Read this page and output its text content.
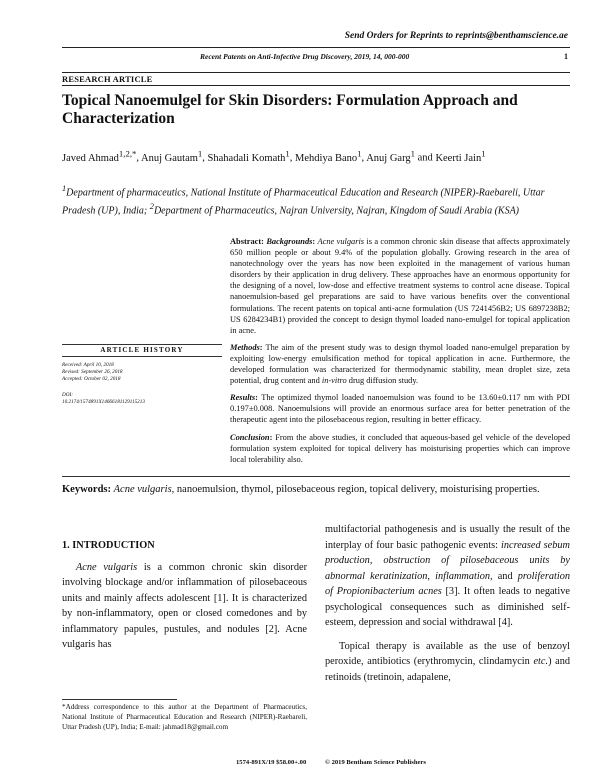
Send Orders for Reprints to reprints@benthamscience.ae
Recent Patents on Anti-Infective Drug Discovery, 2019, 14, 000-000	1
RESEARCH ARTICLE
Topical Nanoemulgel for Skin Disorders: Formulation Approach and Characterization
Javed Ahmad$^{1,2,*}$, Anuj Gautam$^1$, Shahadali Komath$^1$, Mehdiya Bano$^1$, Anuj Garg$^1$ and Keerti Jain$^1$
$^1$Department of pharmaceutics, National Institute of Pharmaceutical Education and Research (NIPER)-Raebareli, Uttar Pradesh (UP), India; $^2$Department of Pharmaceutics, Najran University, Najran, Kingdom of Saudi Arabia (KSA)

Abstract: Backgrounds: Acne vulgaris is a common chronic skin disease that affects approximately 650 million people or about 9.4% of the population globally. Growing research in the area of nanotechnology over the years has now been exploited in the management of various human disorders by their application in drug delivery. These approaches have an enormous opportunity for the designing of a novel, low-dose and effective treatment systems to control acne disease. Topical nanoemulsion-based gel preparations are said to have various benefits over the conventional formulations. The recent patents on topical anti-acne formulation (US 7241456B2; US 6897238B2; US 6284234B1) provided the concept to design thymol loaded nano-emulgel for topical application in acne.

Methods: The aim of the present study was to design thymol loaded nano-emulgel preparation by exploiting low-energy emulsification method for topical application in acne. Furthermore, the developed formulation was characterized for thermodynamic stability, mean droplet size, zeta potential, drug content and in-vitro drug diffusion study.

Results: The optimized thymol loaded nanoemulsion was found to be 13.60±0.117 nm with PDI 0.197±0.008. Nanoemulsions will provide an enormous surface area for better penetration of the therapeutic agent into the pilosebaceous region, resulting in better efficacy.

Conclusion: From the above studies, it concluded that aqueous-based gel vehicle of the developed formulation system exploited for topical delivery has moisturising properties which can improve local tolerability also.

ARTICLE HISTORY
Received: April 10, 2018
Revised: September 26, 2018
Accepted: October 02, 2018
DOI:
10.2174/1574891X14666181129115213
Keywords: Acne vulgaris, nanoemulsion, thymol, pilosebaceous region, topical delivery, moisturising properties.
1. INTRODUCTION

Acne vulgaris is a common chronic skin disorder involving blockage and/or inflammation of pilosebaceous units and mainly affects adolescent [1]. It is characterized by non-inflammatory, open or closed comedones and by inflammatory papules, pustules, and nodules [2]. Acne vulgaris has

multifactorial pathogenesis and is usually the result of the interplay of four basic pathogenic events: increased sebum production, obstruction of pilosebaceous units by abnormal keratinization, inflammation, and proliferation of Propionibacterium acnes [3]. It often leads to negative psychological consequences such as diminished self-esteem, depression and social withdrawal [4].

Topical therapy is available as the use of benzoyl peroxide, antibiotics (erythromycin, clindamycin etc.) and retinoids (tretinoin, adapalene,

*Address correspondence to this author at the Department of Pharmaceutics, National Institute of Pharmaceutical Education and Research (NIPER)-Raebareli, Uttar Pradesh (UP), India; E-mail: jahmad18@gmail.com
1574-891X/19 $58.00+.00	© 2019 Bentham Science Publishers
